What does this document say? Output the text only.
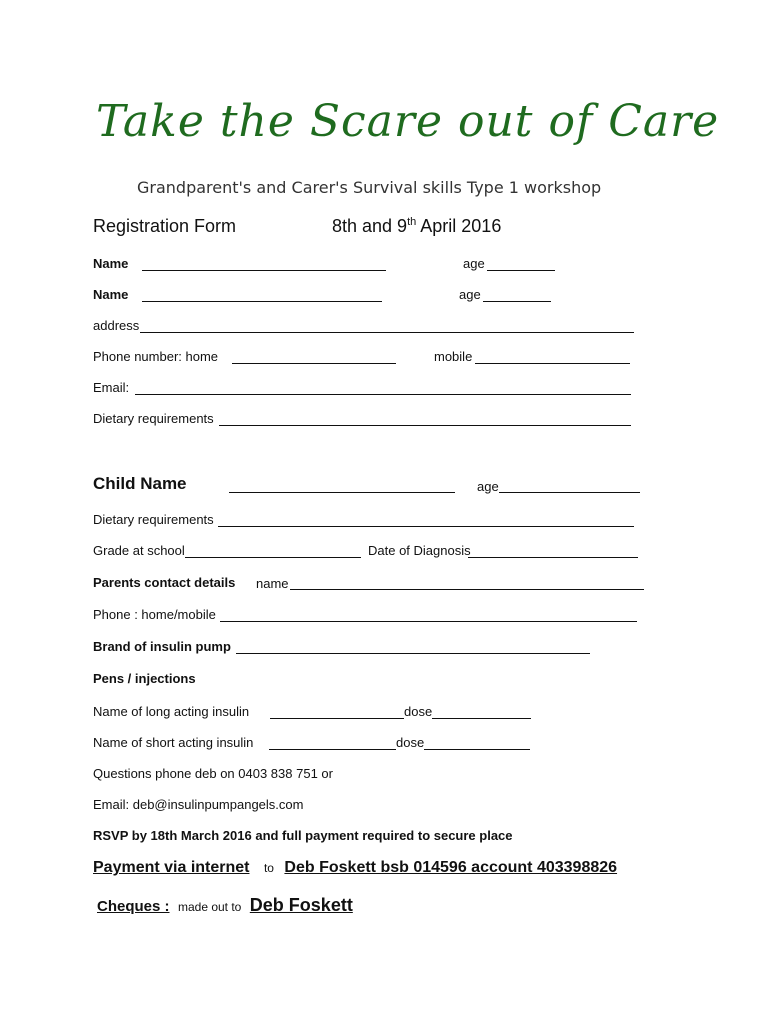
Take the Scare out of Care
Grandparent's and Carer's Survival skills Type 1 workshop
Registration Form	8th and 9th April 2016
Name	age
Name	age
address
Phone number: home	mobile
Email:
Dietary requirements
Child Name	age
Dietary requirements
Grade at school	Date of Diagnosis
Parents contact details name
Phone : home/mobile
Brand of insulin pump
Pens / injections
Name of long acting insulin	dose
Name of short acting insulin	dose
Questions phone deb on 0403 838 751 or
Email: deb@insulinpumpangels.com
RSVP by 18th March 2016 and full payment required to secure place
Payment via internet to Deb Foskett bsb 014596 account 403398826
Cheques : made out to Deb Foskett
